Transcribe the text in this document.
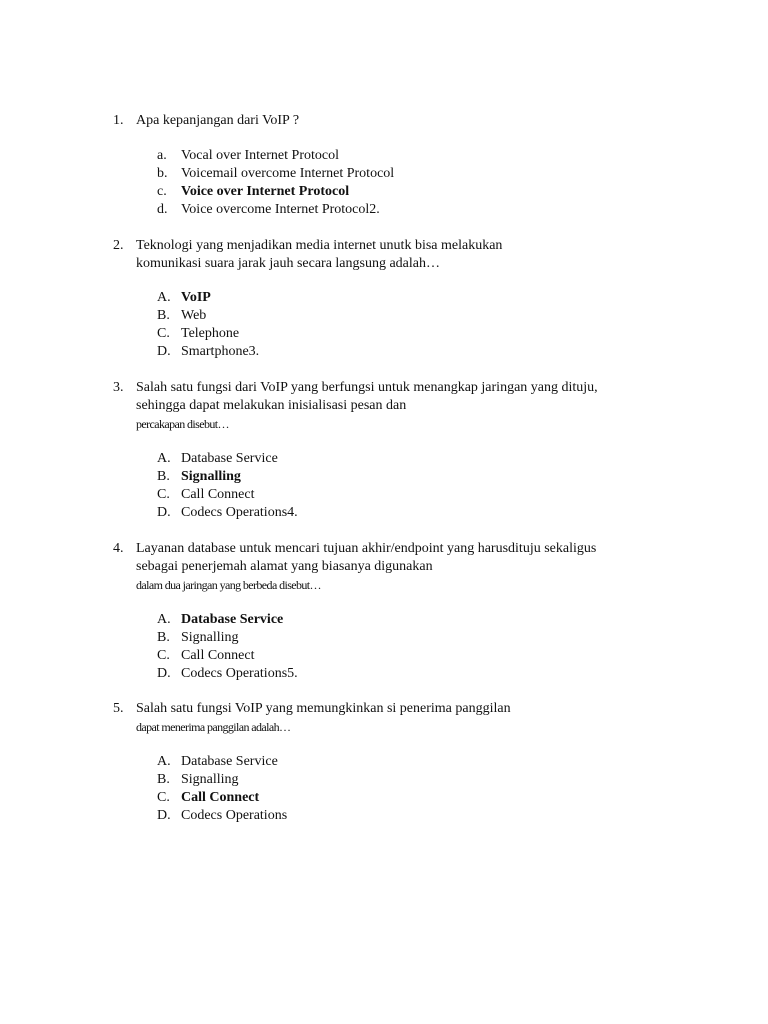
1. Apa kepanjangan dari VoIP ?
a. Vocal over Internet Protocol
b. Voicemail overcome Internet Protocol
c. Voice over Internet Protocol
d. Voice overcome Internet Protocol2.
2. Teknologi yang menjadikan media internet unutk bisa melakukan
komunikasi suara jarak jauh secara langsung adalah…
A. VoIP
B. Web
C. Telephone
D. Smartphone3.
3. Salah satu fungsi dari VoIP yang berfungsi untuk menangkap jaringan yang dituju,
sehingga dapat melakukan inisialisasi pesan dan
percakapan disebut…
A. Database Service
B. Signalling
C. Call Connect
D. Codecs Operations4.
4. Layanan database untuk mencari tujuan akhir/endpoint yang harusdituju sekaligus
sebagai penerjemah alamat yang biasanya digunakan
dalam dua jaringan yang berbeda disebut…
A. Database Service
B. Signalling
C. Call Connect
D. Codecs Operations5.
5. Salah satu fungsi VoIP yang memungkinkan si penerima panggilan
dapat menerima panggilan adalah…
A. Database Service
B. Signalling
C. Call Connect
D. Codecs Operations
